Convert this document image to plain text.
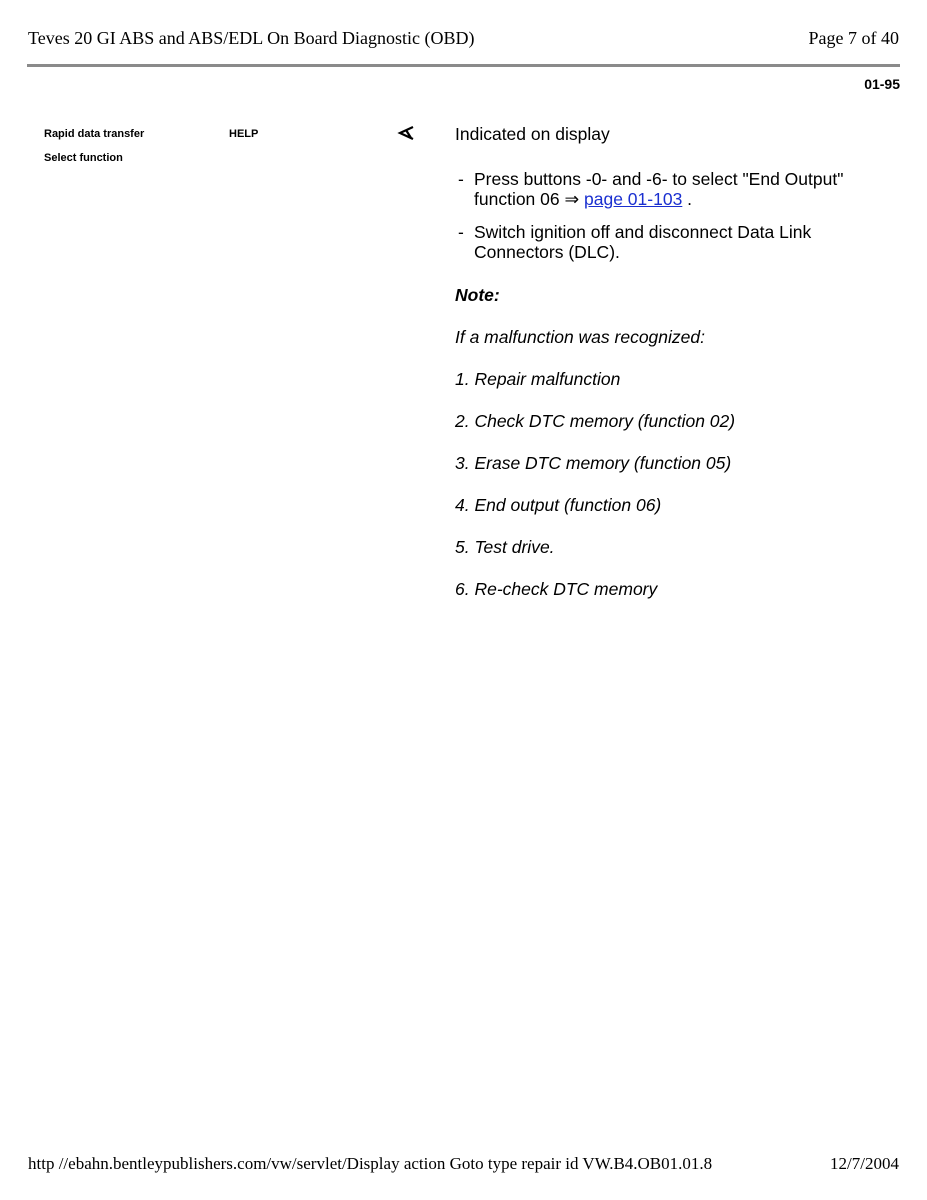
Teves 20 GI ABS and ABS/EDL On Board Diagnostic (OBD)	Page 7 of 40
01-95
Rapid data transfer	HELP
Select function

Indicated on display

- Press buttons -0- and -6- to select "End Output" function 06 ⇒ page 01-103 .
- Switch ignition off and disconnect Data Link Connectors (DLC).

Note:

If a malfunction was recognized:

1. Repair malfunction

2. Check DTC memory (function 02)

3. Erase DTC memory (function 05)

4. End output (function 06)

5. Test drive.

6. Re-check DTC memory

http //ebahn.bentleypublishers.com/vw/servlet/Display action Goto type repair id VW.B4.OB01.01.8	12/7/2004
